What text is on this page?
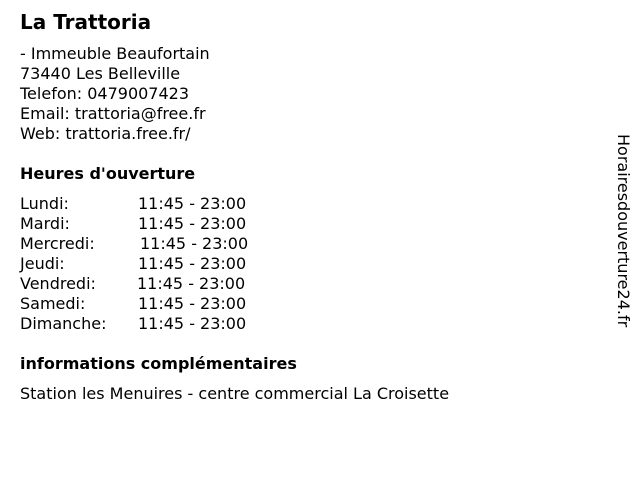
La Trattoria
- Immeuble Beaufortain
73440 Les Belleville
Telefon: 0479007423
Email: trattoria@free.fr
Web: trattoria.free.fr/
Heures d'ouverture
Lundi:	11:45 - 23:00
Mardi:	11:45 - 23:00
Mercredi:	11:45 - 23:00
Jeudi:	11:45 - 23:00
Vendredi:	11:45 - 23:00
Samedi:	11:45 - 23:00
Dimanche: 11:45 - 23:00
informations complémentaires
Station les Menuires - centre commercial La Croisette
Horairesdouverture24.fr
